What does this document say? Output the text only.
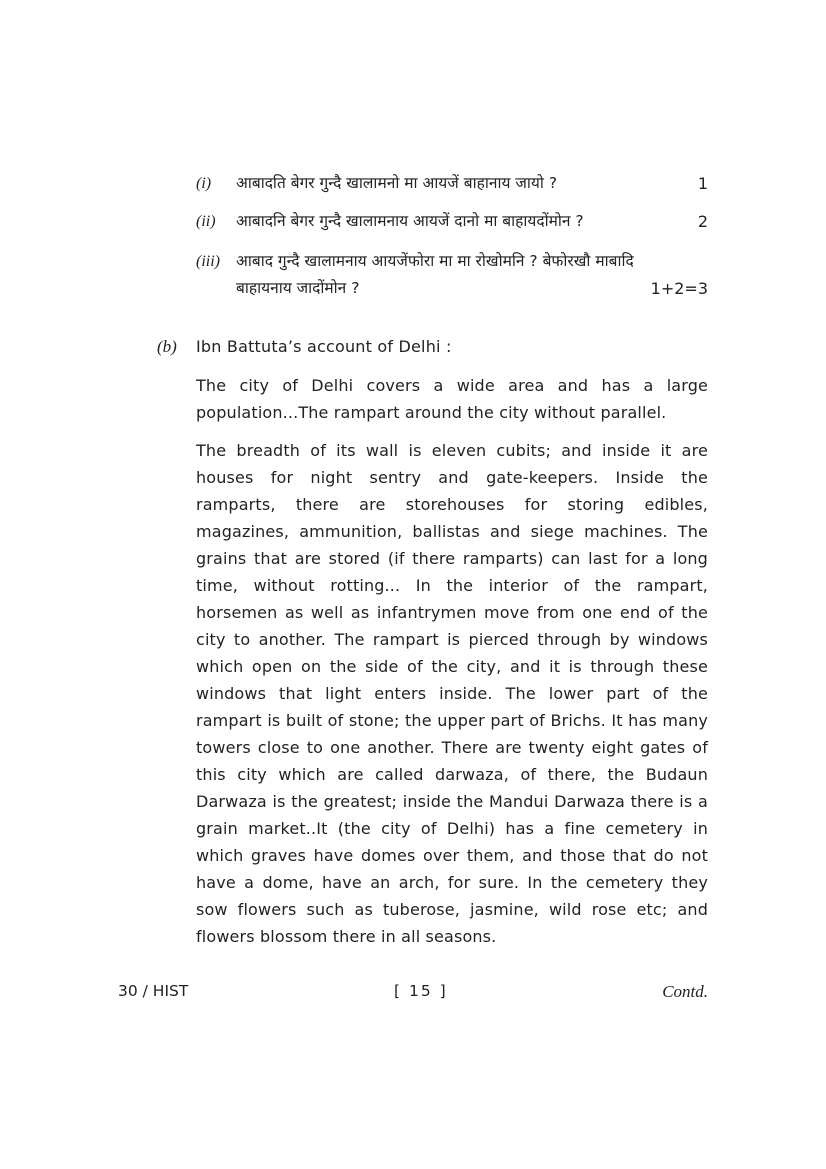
(i) आबादति बेगर गुन्दै खालामनो मा आयजें बाहानाय जायो ?	1
(ii) आबादनि बेगर गुन्दै खालामनाय आयजें दानो मा बाहायदोंमोन ?	2
(iii) आबाद गुन्दै खालामनाय आयजेंफोरा मा मा रोखोमनि ? बेफोरखौ माबादि
बाहायनाय जादोंमोन ?	1+2=3
(b) Ibn Battuta’s account of Delhi :

The city of Delhi covers a wide area and has a large population...The rampart around the city without parallel.

The breadth of its wall is eleven cubits; and inside it are houses for night sentry and gate-keepers. Inside the ramparts, there are storehouses for storing edibles, magazines, ammunition, ballistas and siege machines. The grains that are stored (if there ramparts) can last for a long time, without rotting... In the interior of the rampart, horsemen as well as infantrymen move from one end of the city to another. The rampart is pierced through by windows which open on the side of the city, and it is through these windows that light enters inside. The lower part of the rampart is built of stone; the upper part of Brichs. It has many towers close to one another. There are twenty eight gates of this city which are called darwaza, of there, the Budaun Darwaza is the greatest; inside the Mandui Darwaza there is a grain market..It (the city of Delhi) has a fine cemetery in which graves have domes over them, and those that do not have a dome, have an arch, for sure. In the cemetery they sow flowers such as tuberose, jasmine, wild rose etc; and flowers blossom there in all seasons.

30 / HIST	[ 15 ]	Contd.
